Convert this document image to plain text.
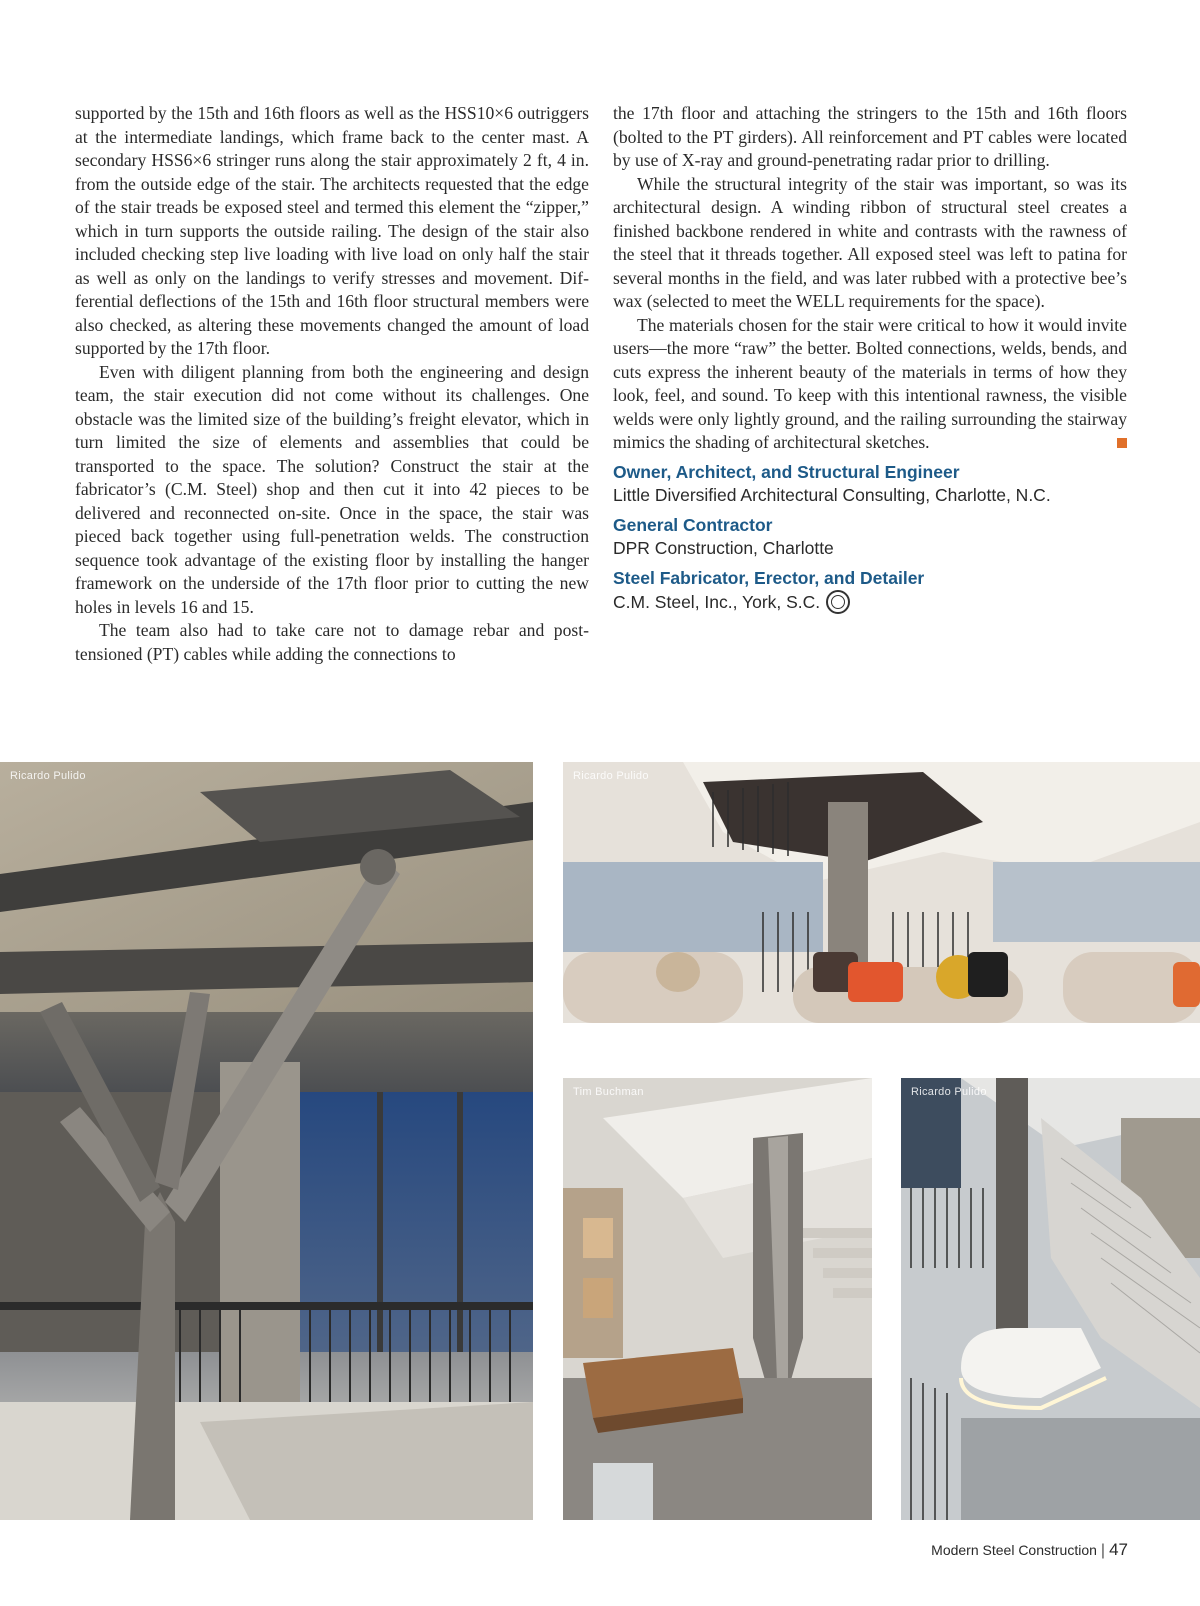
supported by the 15th and 16th floors as well as the HSS10×6 outriggers at the intermediate landings, which frame back to the center mast. A secondary HSS6×6 stringer runs along the stair approximately 2 ft, 4 in. from the outside edge of the stair. The architects requested that the edge of the stair treads be exposed steel and termed this element the “zipper,” which in turn supports the outside railing. The design of the stair also included checking step live loading with live load on only half the stair as well as only on the landings to verify stresses and movement. Differential deflections of the 15th and 16th floor structural members were also checked, as altering these movements changed the amount of load supported by the 17th floor.

Even with diligent planning from both the engineering and design team, the stair execution did not come without its challenges. One obstacle was the limited size of the building’s freight elevator, which in turn limited the size of elements and assemblies that could be transported to the space. The solution? Construct the stair at the fabricator’s (C.M. Steel) shop and then cut it into 42 pieces to be delivered and reconnected on-site. Once in the space, the stair was pieced back together using full-penetration welds. The construction sequence took advantage of the existing floor by installing the hanger framework on the underside of the 17th floor prior to cutting the new holes in levels 16 and 15.

The team also had to take care not to damage rebar and post-tensioned (PT) cables while adding the connections to

the 17th floor and attaching the stringers to the 15th and 16th floors (bolted to the PT girders). All reinforcement and PT cables were located by use of X-ray and ground-penetrating radar prior to drilling.

While the structural integrity of the stair was important, so was its architectural design. A winding ribbon of structural steel creates a finished backbone rendered in white and contrasts with the rawness of the steel that it threads together. All exposed steel was left to patina for several months in the field, and was later rubbed with a protective bee’s wax (selected to meet the WELL requirements for the space).

The materials chosen for the stair were critical to how it would invite users—the more “raw” the better. Bolted connections, welds, bends, and cuts express the inherent beauty of the materials in terms of how they look, feel, and sound. To keep with this intentional rawness, the visible welds were only lightly ground, and the railing surrounding the stairway mimics the shading of architectural sketches.

Owner, Architect, and Structural Engineer
Little Diversified Architectural Consulting, Charlotte, N.C.
General Contractor
DPR Construction, Charlotte
Steel Fabricator, Erector, and Detailer
C.M. Steel, Inc., York, S.C.
Ricardo Pulido	Ricardo Pulido
Tim Buchman	Ricardo Pulido
Modern Steel Construction | 47
